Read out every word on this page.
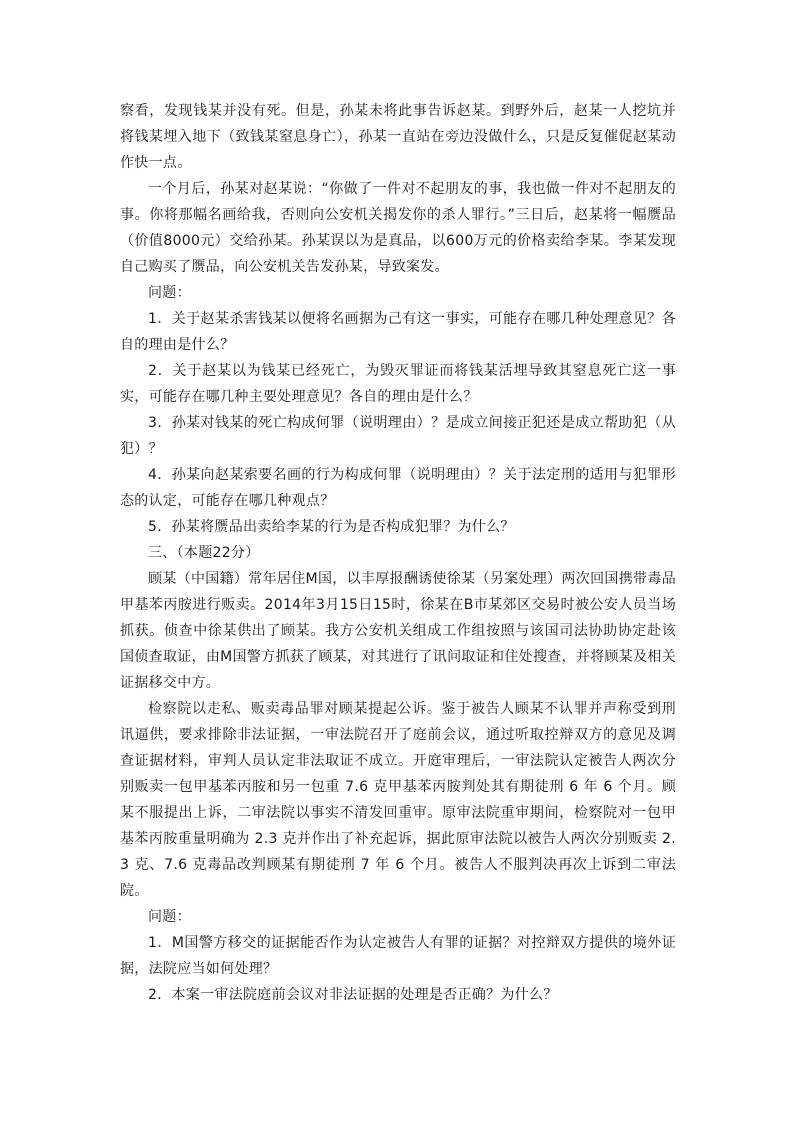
察看，发现钱某并没有死。但是，孙某未将此事告诉赵某。到野外后，赵某一人挖坑并将钱某埋入地下（致钱某窒息身亡），孙某一直站在旁边没做什么，只是反复催促赵某动作快一点。

一个月后，孙某对赵某说：“你做了一件对不起朋友的事，我也做一件对不起朋友的事。你将那幅名画给我，否则向公安机关揭发你的杀人罪行。”三日后，赵某将一幅赝品（价值8000元）交给孙某。孙某误以为是真品，以600万元的价格卖给李某。李某发现自己购买了赝品，向公安机关告发孙某，导致案发。

问题：

1．关于赵某杀害钱某以便将名画据为己有这一事实，可能存在哪几种处理意见？各自的理由是什么？

2．关于赵某以为钱某已经死亡，为毁灭罪证而将钱某活埋导致其窒息死亡这一事实，可能存在哪几种主要处理意见？各自的理由是什么？

3．孙某对钱某的死亡构成何罪（说明理由）？是成立间接正犯还是成立帮助犯（从犯）？

4．孙某向赵某索要名画的行为构成何罪（说明理由）？关于法定刑的适用与犯罪形态的认定，可能存在哪几种观点？

5．孙某将赝品出卖给李某的行为是否构成犯罪？为什么？

三、（本题22分）

顾某（中国籍）常年居住M国，以丰厚报酬诱使徐某（另案处理）两次回国携带毒品甲基苯丙胺进行贩卖。2014年3月15日15时，徐某在B市某郊区交易时被公安人员当场抓获。侦查中徐某供出了顾某。我方公安机关组成工作组按照与该国司法协助协定赴该国侦查取证，由M国警方抓获了顾某，对其进行了讯问取证和住处搜查，并将顾某及相关证据移交中方。

检察院以走私、贩卖毒品罪对顾某提起公诉。鉴于被告人顾某不认罪并声称受到刑讯逼供，要求排除非法证据，一审法院召开了庭前会议，通过听取控辩双方的意见及调查证据材料，审判人员认定非法取证不成立。开庭审理后，一审法院认定被告人两次分别贩卖一包甲基苯丙胺和另一包重 7.6 克甲基苯丙胺判处其有期徒刑 6 年 6 个月。顾某不服提出上诉，二审法院以事实不清发回重审。原审法院重审期间，检察院对一包甲基苯丙胺重量明确为 2.3 克并作出了补充起诉，据此原审法院以被告人两次分别贩卖 2.3 克、7.6 克毒品改判顾某有期徒刑 7 年 6 个月。被告人不服判决再次上诉到二审法院。

问题：

1．M国警方移交的证据能否作为认定被告人有罪的证据？对控辩双方提供的境外证据，法院应当如何处理？

2．本案一审法院庭前会议对非法证据的处理是否正确？为什么？
